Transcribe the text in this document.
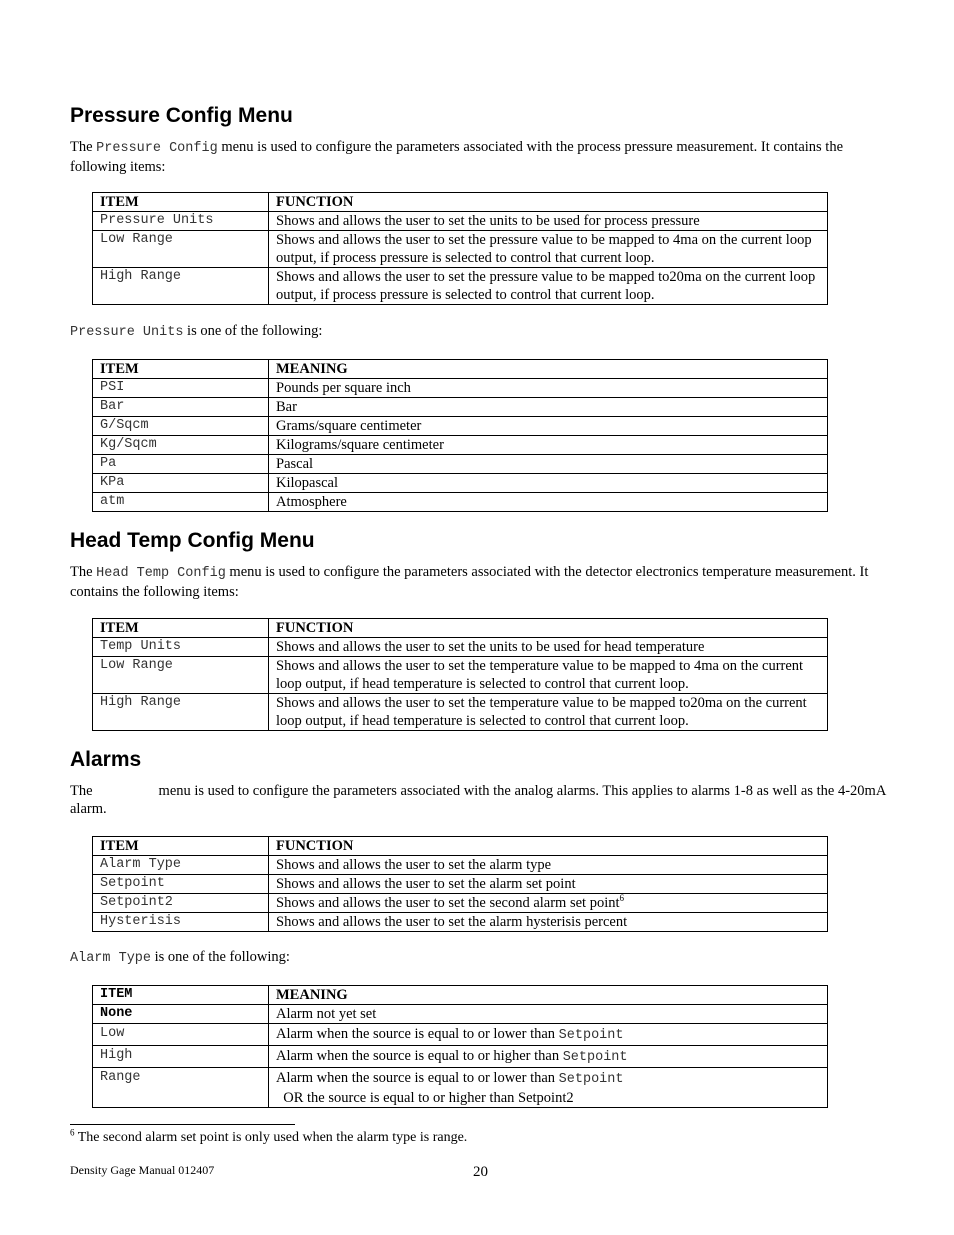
Pressure Config Menu

The Pressure Config menu is used to configure the parameters associated with the process pressure measurement. It contains the following items:

ITEM	FUNCTION
Pressure Units	Shows and allows the user to set the units to be used for process pressure
Low Range	Shows and allows the user to set the pressure value to be mapped to 4ma on the current loop output, if process pressure is selected to control that current loop.
High Range	Shows and allows the user to set the pressure value to be mapped to20ma on the current loop output, if process pressure is selected to control that current loop.

Pressure Units is one of the following:

ITEM	MEANING
PSI	Pounds per square inch
Bar	Bar
G/Sqcm	Grams/square centimeter
Kg/Sqcm	Kilograms/square centimeter
Pa	Pascal
KPa	Kilopascal
atm	Atmosphere
Head Temp Config Menu

The Head Temp Config menu is used to configure the parameters associated with the detector electronics temperature measurement. It contains the following items:

ITEM	FUNCTION
Temp Units	Shows and allows the user to set the units to be used for head temperature
Low Range	Shows and allows the user to set the temperature value to be mapped to 4ma on the current loop output, if head temperature is selected to control that current loop.
High Range	Shows and allows the user to set the temperature value to be mapped to20ma on the current loop output, if head temperature is selected to control that current loop.
Alarms

The	menu is used to configure the parameters associated with the analog alarms. This applies to alarms 1-8 as well as the 4-20mA alarm.

ITEM	FUNCTION
Alarm Type	Shows and allows the user to set the alarm type
Setpoint	Shows and allows the user to set the alarm set point
Setpoint2	Shows and allows the user to set the second alarm set point$^6$
Hysterisis	Shows and allows the user to set the alarm hysterisis percent

Alarm Type is one of the following:

ITEM	MEANING
None	Alarm not yet set
Low	Alarm when the source is equal to or lower than Setpoint
High	Alarm when the source is equal to or higher than Setpoint
Range	Alarm when the source is equal to or lower than Setpoint  OR the source is equal to or higher than Setpoint2
$^6$ The second alarm set point is only used when the alarm type is range.
Density Gage Manual 012407	20
